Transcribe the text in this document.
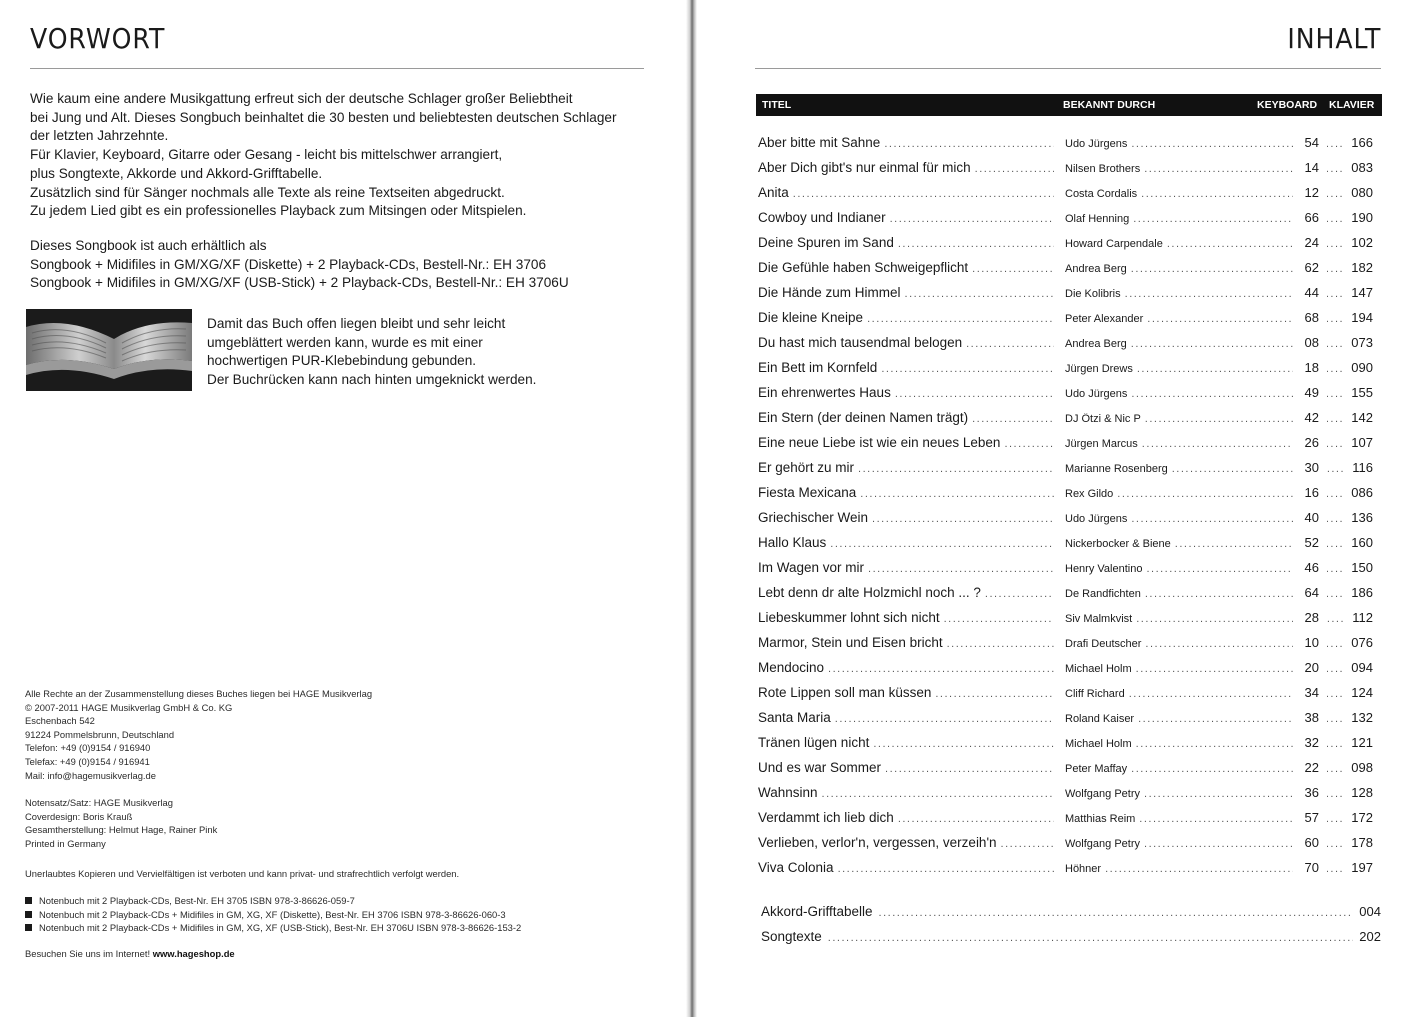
VORWORT

Wie kaum eine andere Musikgattung erfreut sich der deutsche Schlager großer Beliebtheit

bei Jung und Alt. Dieses Songbuch beinhaltet die 30 besten und beliebtesten deutschen Schlager

der letzten Jahrzehnte.

Für Klavier, Keyboard, Gitarre oder Gesang - leicht bis mittelschwer arrangiert,

plus Songtexte, Akkorde und Akkord-Grifftabelle.

Zusätzlich sind für Sänger nochmals alle Texte als reine Textseiten abgedruckt.

Zu jedem Lied gibt es ein professionelles Playback zum Mitsingen oder Mitspielen.

Dieses Songbook ist auch erhältlich als

Songbook + Midifiles in GM/XG/XF (Diskette) + 2 Playback-CDs, Bestell-Nr.: EH 3706

Songbook + Midifiles in GM/XG/XF (USB-Stick) + 2 Playback-CDs, Bestell-Nr.: EH 3706U

Damit das Buch offen liegen bleibt und sehr leicht

umgeblättert werden kann, wurde es mit einer

hochwertigen PUR-Klebebindung gebunden.

Der Buchrücken kann nach hinten umgeknickt werden.

Alle Rechte an der Zusammenstellung dieses Buches liegen bei HAGE Musikverlag

© 2007-2011 HAGE Musikverlag GmbH & Co. KG

Eschenbach 542

91224 Pommelsbrunn, Deutschland

Telefon: +49 (0)9154 / 916940

Telefax: +49 (0)9154 / 916941

Mail: info@hagemusikverlag.de

Notensatz/Satz: HAGE Musikverlag

Coverdesign: Boris Krauß

Gesamtherstellung: Helmut Hage, Rainer Pink

Printed in Germany

Unerlaubtes Kopieren und Vervielfältigen ist verboten und kann privat- und strafrechtlich verfolgt werden.

Notenbuch mit 2 Playback-CDs, Best-Nr. EH 3705 ISBN 978-3-86626-059-7
Notenbuch mit 2 Playback-CDs + Midifiles in GM, XG, XF (Diskette), Best-Nr. EH 3706 ISBN 978-3-86626-060-3
Notenbuch mit 2 Playback-CDs + Midifiles in GM, XG, XF (USB-Stick), Best-Nr. EH 3706U ISBN 978-3-86626-153-2
Besuchen Sie uns im Internet! www.hageshop.de
INHALT
TITEL	BEKANNT DURCH	KEYBOARD KLAVIER
Aber bitte mit Sahne .....	Udo Jürgens .....	54 ..... 166
Aber Dich gibt's nur einmal für mich .....	Nilsen Brothers .....	14 ..... 083
Anita .....	Costa Cordalis .....	12 ..... 080
Cowboy und Indianer .....	Olaf Henning .....	66 ..... 190
Deine Spuren im Sand .....	Howard Carpendale .....	24 ..... 102
Die Gefühle haben Schweigepflicht .....	Andrea Berg .....	62 ..... 182
Die Hände zum Himmel .....	Die Kolibris .....	44 ..... 147
Die kleine Kneipe .....	Peter Alexander .....	68 ..... 194
Du hast mich tausendmal belogen .....	Andrea Berg .....	08 ..... 073
Ein Bett im Kornfeld .....	Jürgen Drews .....	18 ..... 090
Ein ehrenwertes Haus .....	Udo Jürgens .....	49 ..... 155
Ein Stern (der deinen Namen trägt) .....	DJ Ötzi & Nic P .....	42 ..... 142
Eine neue Liebe ist wie ein neues Leben .....	Jürgen Marcus .....	26 ..... 107
Er gehört zu mir .....	Marianne Rosenberg .....	30 .....	116
Fiesta Mexicana .....	Rex Gildo .....	16 ..... 086
Griechischer Wein .....	Udo Jürgens .....	40 ..... 136
Hallo Klaus .....	Nickerbocker & Biene .....	52 ..... 160
Im Wagen vor mir .....	Henry Valentino .....	46 ..... 150
Lebt denn dr alte Holzmichl noch ... ? .....	De Randfichten .....	64 ..... 186
Liebeskummer lohnt sich nicht .....	Siv Malmkvist .....	28 .....	112
Marmor, Stein und Eisen bricht .....	Drafi Deutscher .....	10 ..... 076
Mendocino .....	Michael Holm .....	20 ..... 094
Rote Lippen soll man küssen .....	Cliff Richard .....	34 ..... 124
Santa Maria .....	Roland Kaiser .....	38 ..... 132
Tränen lügen nicht .....	Michael Holm .....	32 ..... 121
Und es war Sommer .....	Peter Maffay .....	22 ..... 098
Wahnsinn .....	Wolfgang Petry .....	36 ..... 128
Verdammt ich lieb dich .....	Matthias Reim .....	57 ..... 172
Verlieben, verlor'n, vergessen, verzeih'n .....	Wolfgang Petry .....	60 ..... 178
Viva Colonia .....	Höhner .....	70 ..... 197
Akkord-Grifftabelle .....	004
Songtexte .....	202
